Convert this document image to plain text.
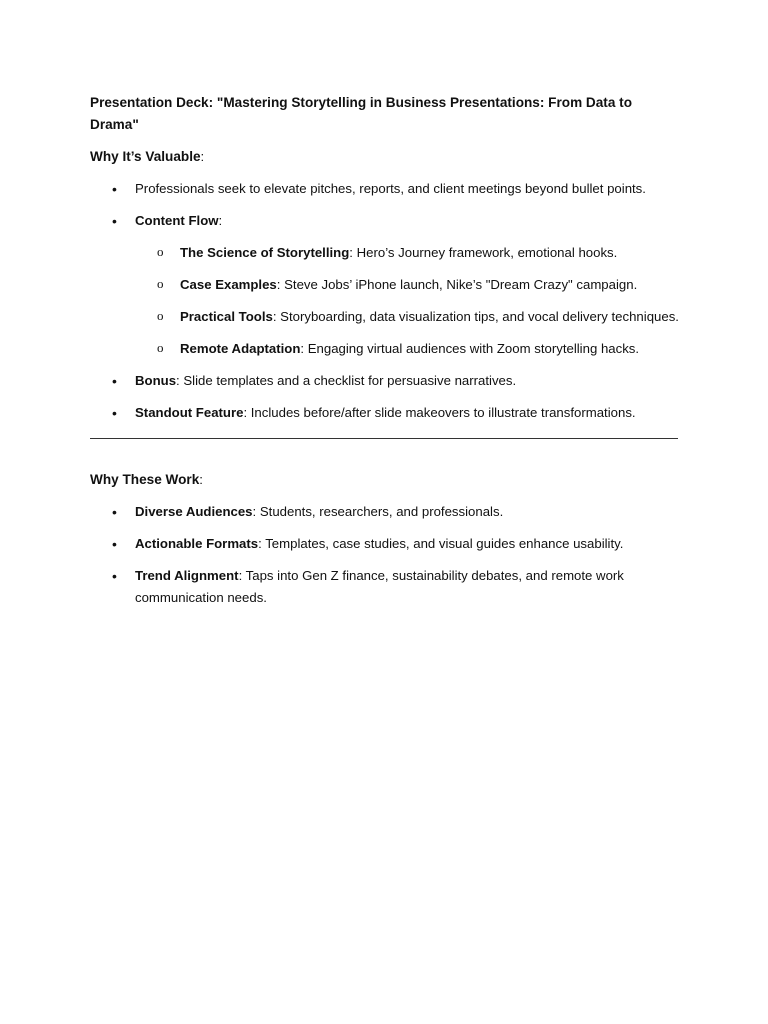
Presentation Deck: "Mastering Storytelling in Business Presentations: From Data to Drama"
Why It’s Valuable:
• Professionals seek to elevate pitches, reports, and client meetings beyond bullet points.
• Content Flow:
o The Science of Storytelling: Hero’s Journey framework, emotional hooks.
o Case Examples: Steve Jobs’ iPhone launch, Nike’s "Dream Crazy" campaign.
o Practical Tools: Storyboarding, data visualization tips, and vocal delivery techniques.
o Remote Adaptation: Engaging virtual audiences with Zoom storytelling hacks.
• Bonus: Slide templates and a checklist for persuasive narratives.
• Standout Feature: Includes before/after slide makeovers to illustrate transformations.
Why These Work:
• Diverse Audiences: Students, researchers, and professionals.
• Actionable Formats: Templates, case studies, and visual guides enhance usability.
• Trend Alignment: Taps into Gen Z finance, sustainability debates, and remote work communication needs.
